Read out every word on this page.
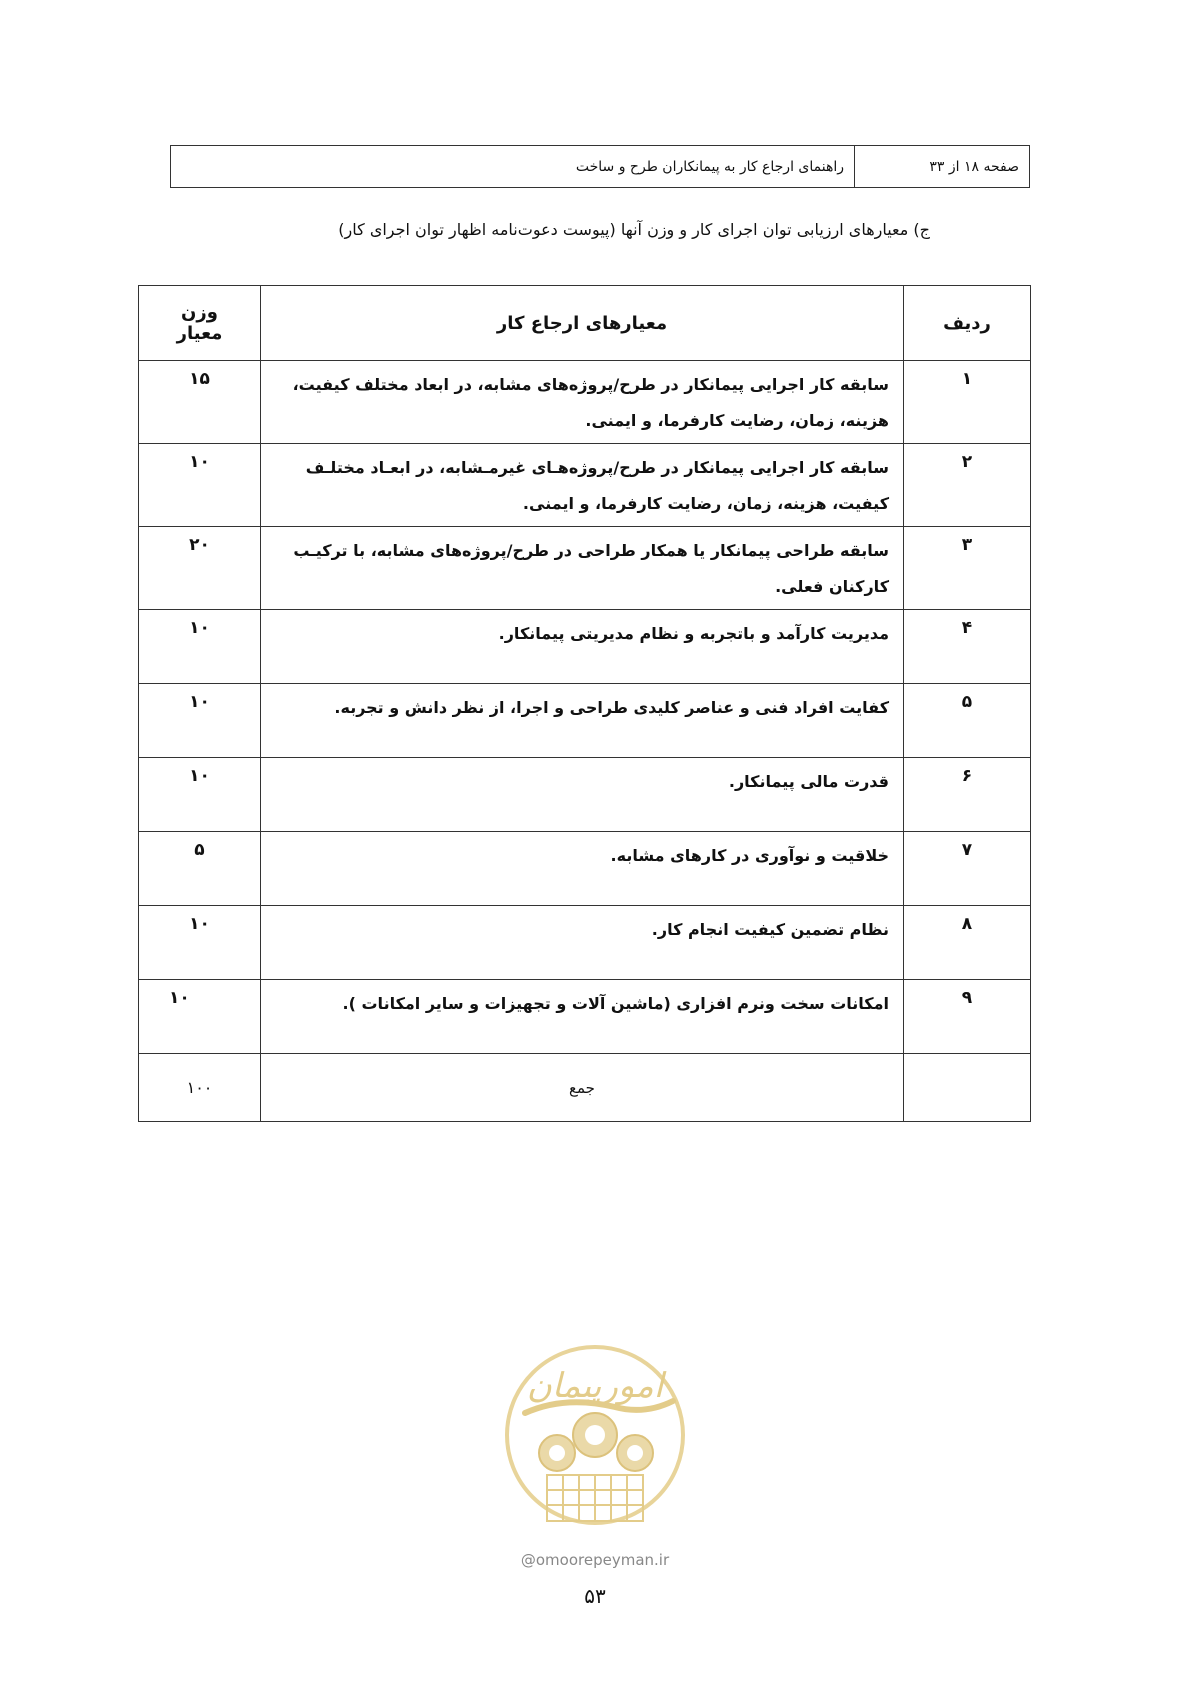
صفحه ۱۸ از ۳۳
راهنمای ارجاع کار به پیمانکاران طرح و ساخت
ج) معیارهای ارزیابی توان اجرای کار و وزن آنها (پیوست دعوت‌نامه اظهار توان اجرای کار)
ردیف	معیارهای ارجاع کار	وزن
معیار

۱	سابقه کار اجرایی پیمانکار در طرح/پروژه‌های مشابه، در ابعاد مختلف کیفیت، هزینه، زمان، رضایت کارفرما، و ایمنی.	۱۵
۲	سابقه کار اجرایی پیمانکار در طرح/پروژه‌هـای غیرمـشابه، در ابعـاد مختلـف کیفیت، هزینه، زمان، رضایت کارفرما، و ایمنی.	۱۰
۳	سابقه طراحی پیمانکار یا همکار طراحی در طرح/پروژه‌های مشابه، با ترکیـب کارکنان فعلی.	۲۰
۴	مدیریت کارآمد و باتجربه و نظام مدیریتی پیمانکار.	۱۰
۵	کفایت افراد فنی و عناصر کلیدی طراحی و اجرا، از نظر دانش و تجربه.	۱۰
۶	قدرت مالی پیمانکار.	۱۰
۷	خلاقیت و نوآوری در کارهای مشابه.	۵
۸	نظام تضمین کیفیت انجام کار.	۱۰
۹	امکانات سخت ونرم افزاری (ماشین آلات و تجهیزات و سایر امکانات ).	۱۰
	جمع	۱۰۰
امورپیمان
@omoorepeyman.ir
۵۳
